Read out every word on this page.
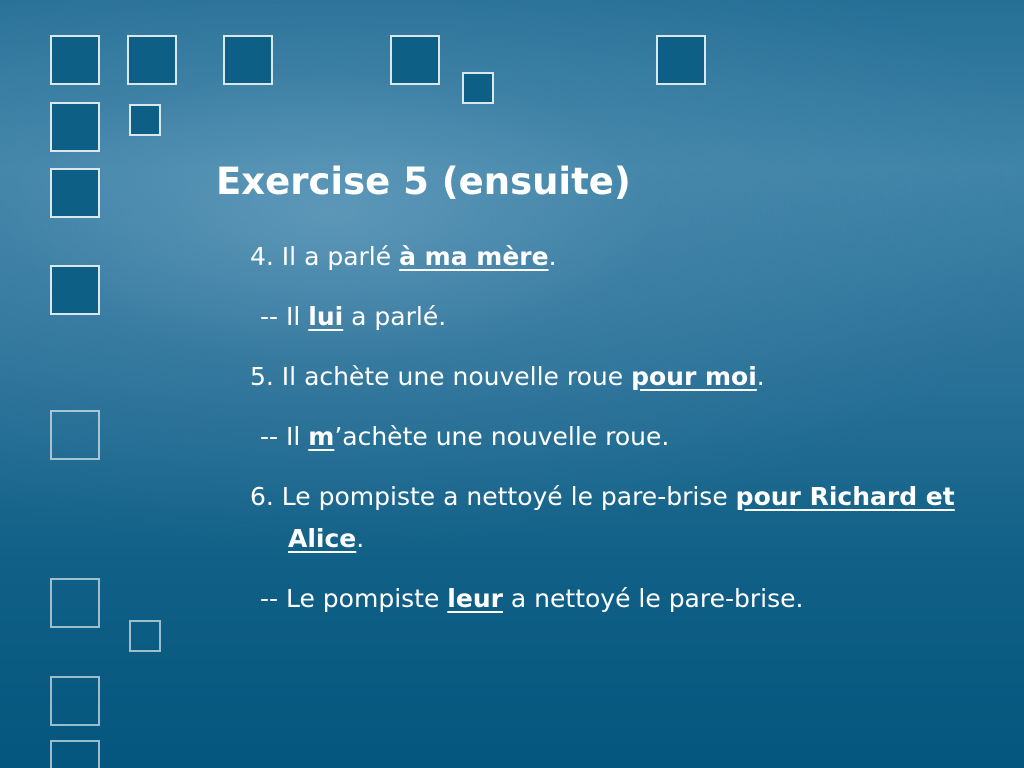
Exercise 5 (ensuite)
4. Il a parlé à ma mère.
-- Il lui a parlé.
5. Il achète une nouvelle roue pour moi.
-- Il m’achète une nouvelle roue.
6. Le pompiste a nettoyé le pare-brise pour Richard et Alice.
-- Le pompiste leur a nettoyé le pare-brise.
